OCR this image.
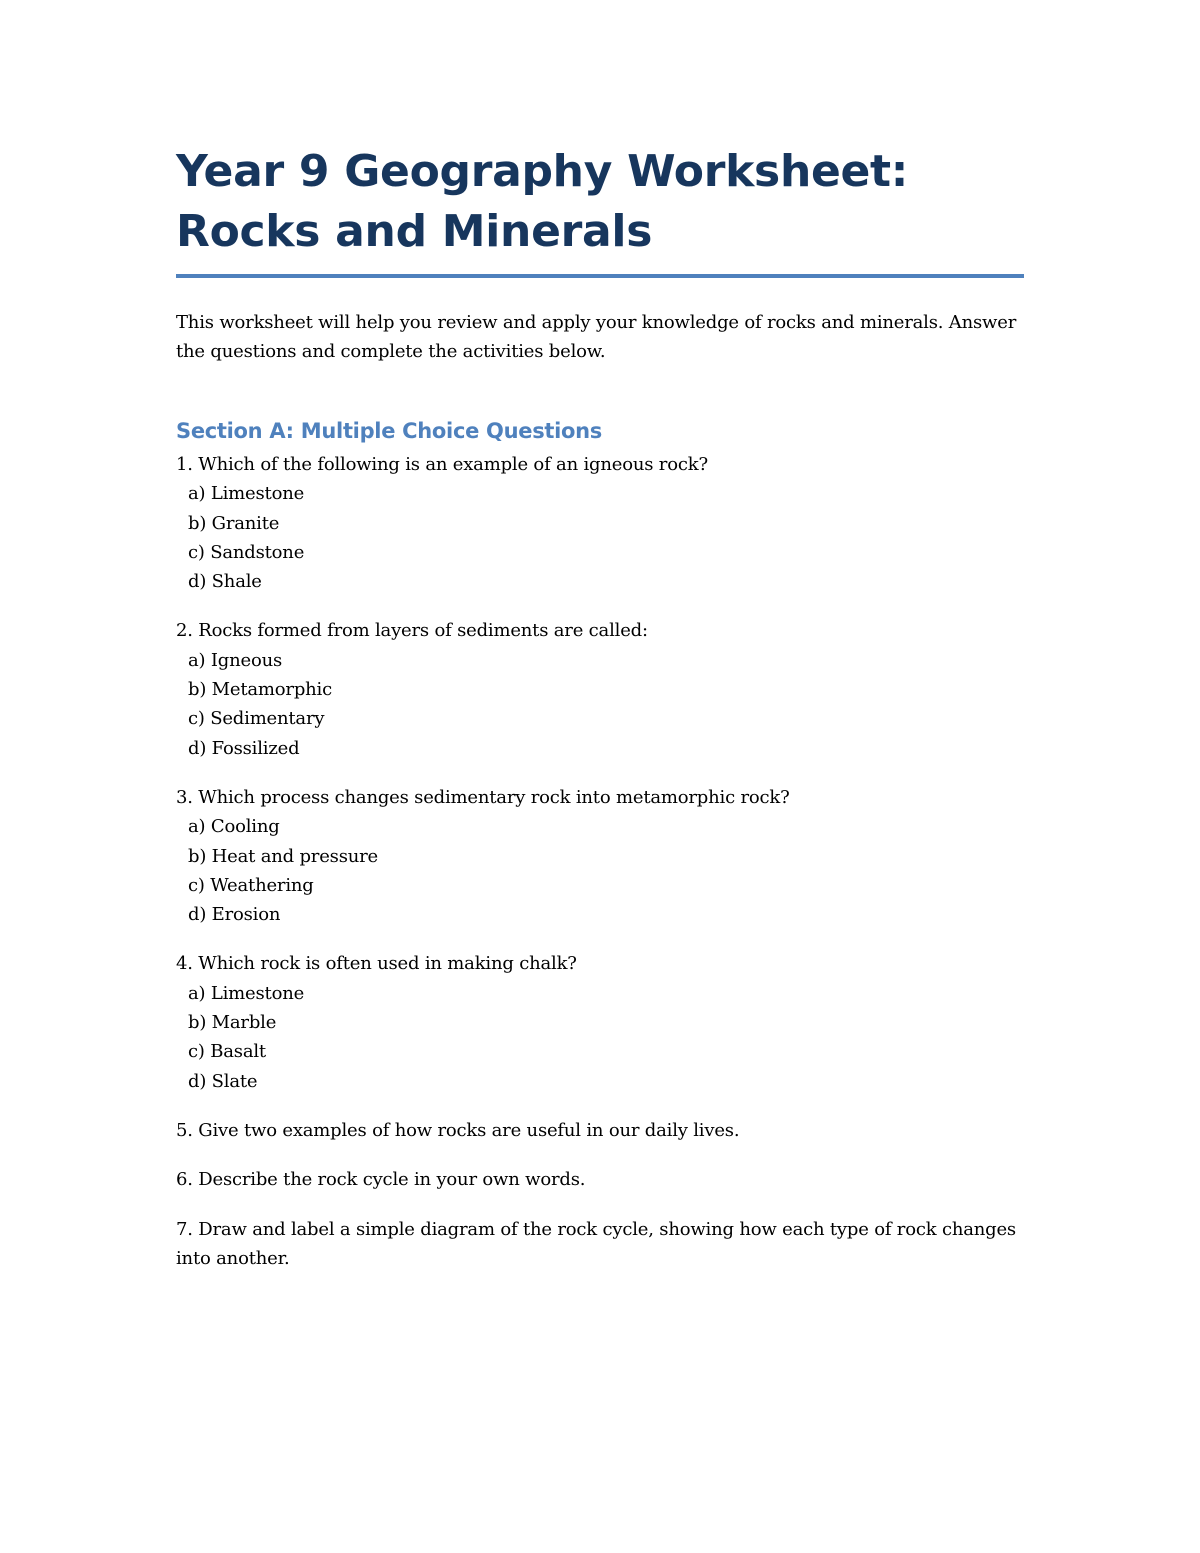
Year 9 Geography Worksheet: Rocks and Minerals

This worksheet will help you review and apply your knowledge of rocks and minerals. Answer the questions and complete the activities below.

Section A: Multiple Choice Questions
1. Which of the following is an example of an igneous rock?
a) Limestone
b) Granite
c) Sandstone
d) Shale
2. Rocks formed from layers of sediments are called:
a) Igneous
b) Metamorphic
c) Sedimentary
d) Fossilized
3. Which process changes sedimentary rock into metamorphic rock?
a) Cooling
b) Heat and pressure
c) Weathering
d) Erosion
4. Which rock is often used in making chalk?
a) Limestone
b) Marble
c) Basalt
d) Slate
5. Give two examples of how rocks are useful in our daily lives.
6. Describe the rock cycle in your own words.
7. Draw and label a simple diagram of the rock cycle, showing how each type of rock changes into another.
